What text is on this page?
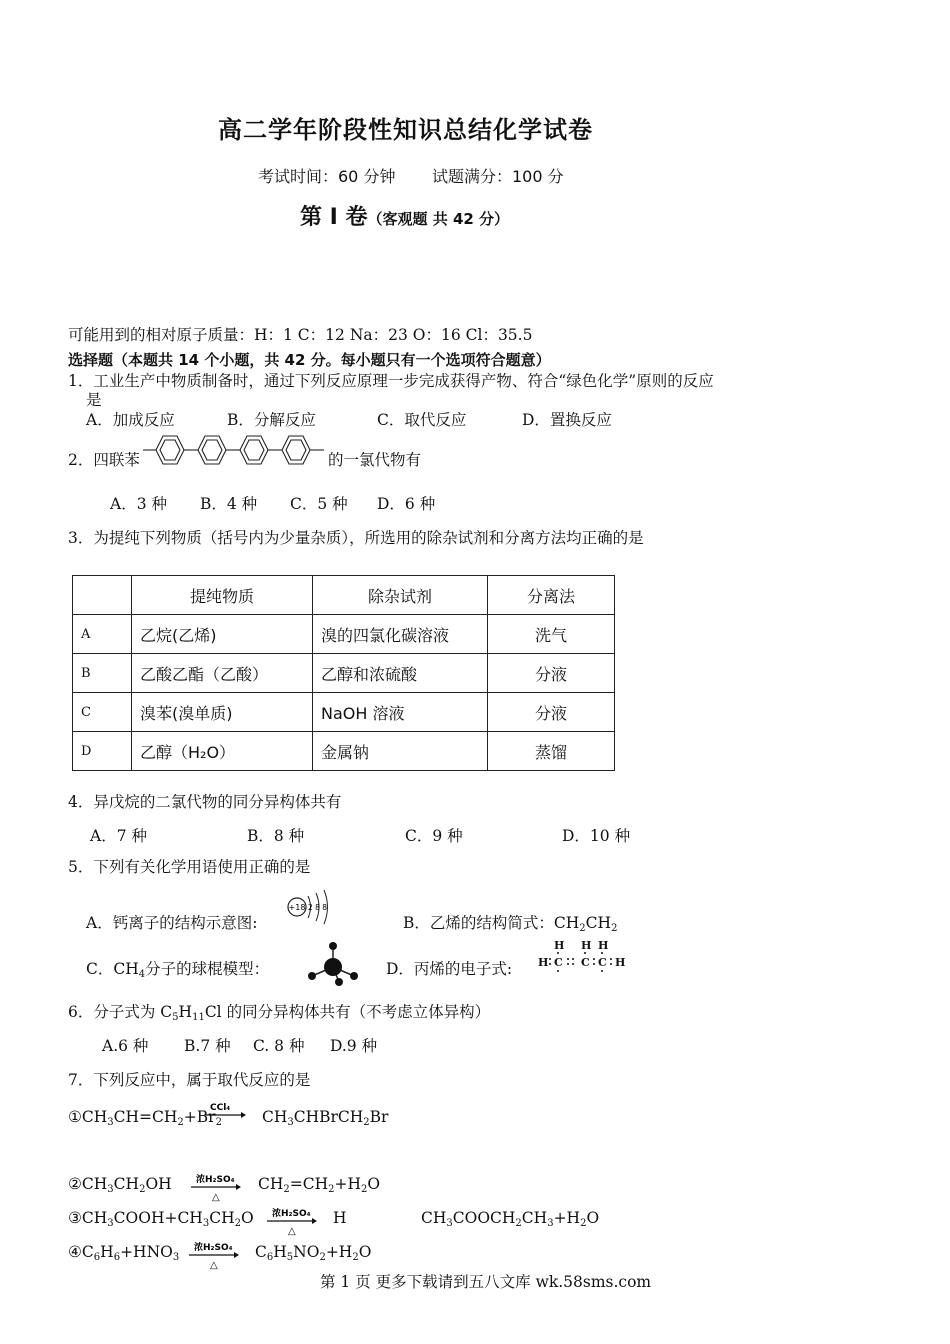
高二学年阶段性知识总结化学试卷
考试时间：60 分钟 试题满分：100 分
第 I 卷（客观题 共 42 分）
可能用到的相对原子质量：H：1 C：12 Na：23 O：16 Cl：35.5
选择题（本题共 14 个小题，共 42 分。每小题只有一个选项符合题意）
1．工业生产中物质制备时，通过下列反应原理一步完成获得产物、符合“绿色化学”原则的反应
是
A．加成反应	B．分解反应	C．取代反应	D．置换反应
2．四联苯	的一氯代物有
A．3 种 B．4 种 C．5 种 D．6 种
3．为提纯下列物质（括号内为少量杂质），所选用的除杂试剂和分离方法均正确的是
	提纯物质	除杂试剂	分离法
A	乙烷(乙烯)	溴的四氯化碳溶液	洗气
B	乙酸乙酯（乙酸）	乙醇和浓硫酸	分液
C	溴苯(溴单质)	NaOH 溶液	分液
D	乙醇（H₂O）	金属钠	蒸馏
4．异戊烷的二氯代物的同分异构体共有
A．7 种	B．8 种	C．9 种	D．10 种
5．下列有关化学用语使用正确的是
A．钙离子的结构示意图:
+18 2 8 8
B．乙烯的结构简式：$CH_2CH_2$
C．$CH_4$分子的球棍模型：	D．丙烯的电子式:
H H H
H C C C H
6．分子式为 $C_5H_{11}Cl$ 的同分异构体共有（不考虑立体异构）
A.6 种 B.7 种 C. 8 种 D.9 种
7．下列反应中，属于取代反应的是
$①CH_3CH=CH_2+Br_2$	$CH_3CHBrCH_2Br$
CCl₄
$②CH_3CH_2OH$	浓H₂SO₄
△
$CH_2=CH_2+H_2O$
$③CH_3COOH+CH_3CH_2O$ 浓H₂SO₄
△
H	$CH_3COOCH_2CH_3+H_2O$
$④C_6H_6+HNO_3$
浓H₂SO₄
△
$C_6H_5NO_2+H_2O$
第 1 页 更多下载请到五八文库 wk.58sms.com
